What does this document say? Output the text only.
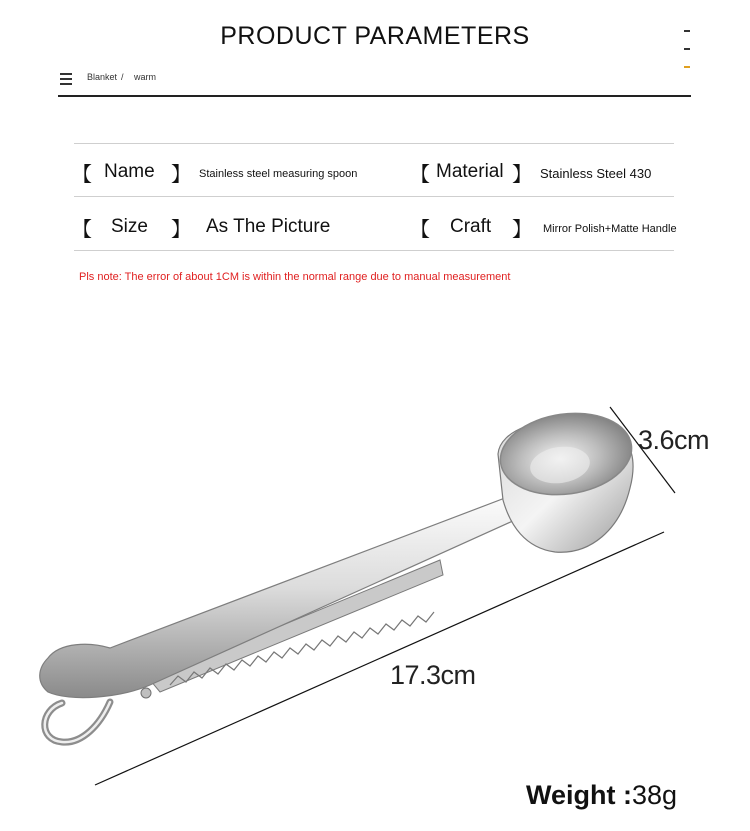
PRODUCT PARAMETERS
Blanket / warm
【 Name 】 Stainless steel measuring spoon	【 Material 】 Stainless Steel 430
【 Size 】 As The Picture	【 Craft 】 Mirror Polish+Matte Handle
Pls note: The error of about 1CM is within the normal range due to manual measurement
3.6cm
17.3cm
Weight :38g
